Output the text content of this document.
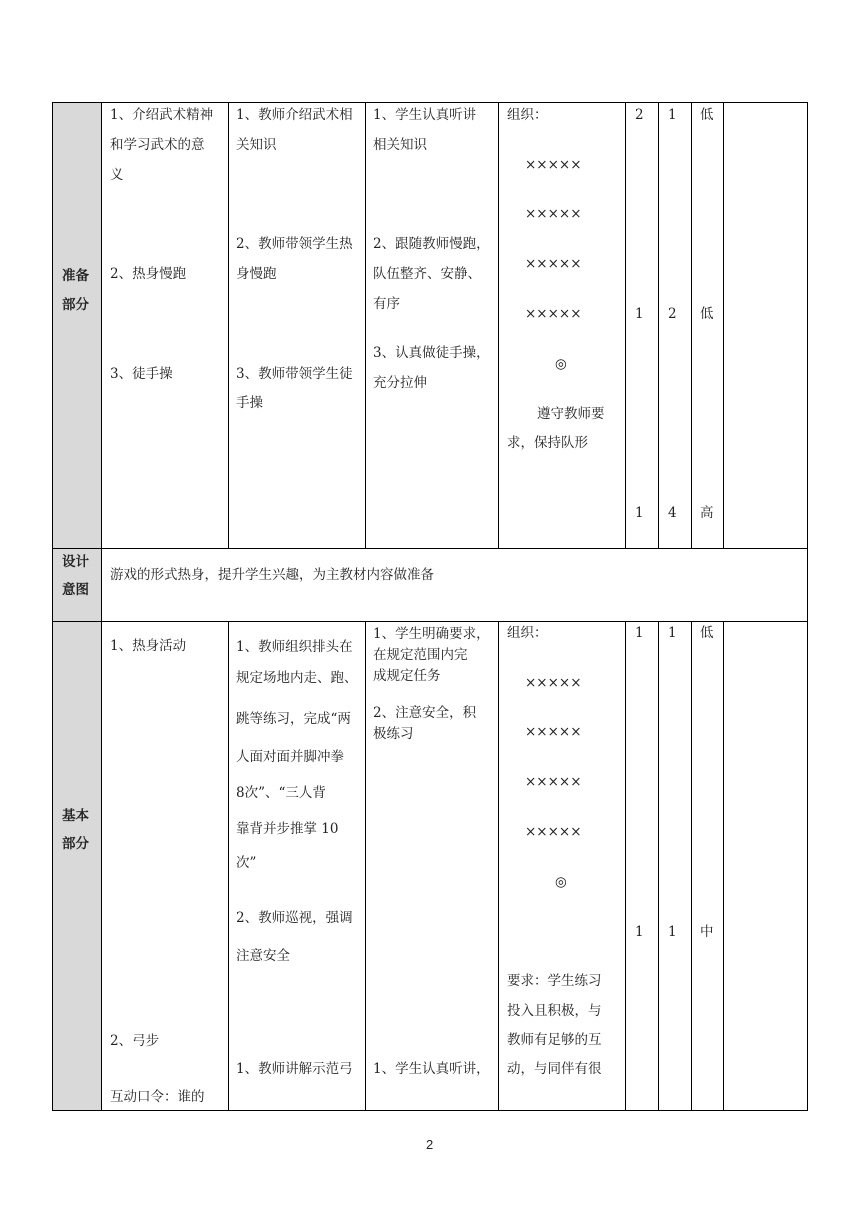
准备
部分
1、介绍武术精神
和学习武术的意
义
2、热身慢跑
3、徒手操
1、教师介绍武术相
关知识
2、教师带领学生热
身慢跑
3、教师带领学生徒
手操
1、学生认真听讲
相关知识
2、跟随教师慢跑，
队伍整齐、安静、
有序
3、认真做徒手操，
充分拉伸
组织：
×××××
×××××
×××××
×××××
◎
遵守教师要
求，保持队形
2 1 低
1 2 低
1 4 高
设计
意图
游戏的形式热身，提升学生兴趣，为主教材内容做准备
基本
部分
1、热身活动
2、弓步
互动口令：谁的
1、教师组织排头在
规定场地内走、跑、
跳等练习，完成“两
人面对面并脚冲拳
8次”、“三人背
靠背并步推掌 10
次”
2、教师巡视，强调
注意安全
1、教师讲解示范弓
1、学生明确要求，
在规定范围内完
成规定任务
2、注意安全，积
极练习
1、学生认真听讲，
组织：
×××××
×××××
×××××
×××××
◎
要求：学生练习
投入且积极，与
教师有足够的互
动，与同伴有很
1 1 低
1 1 中
2
